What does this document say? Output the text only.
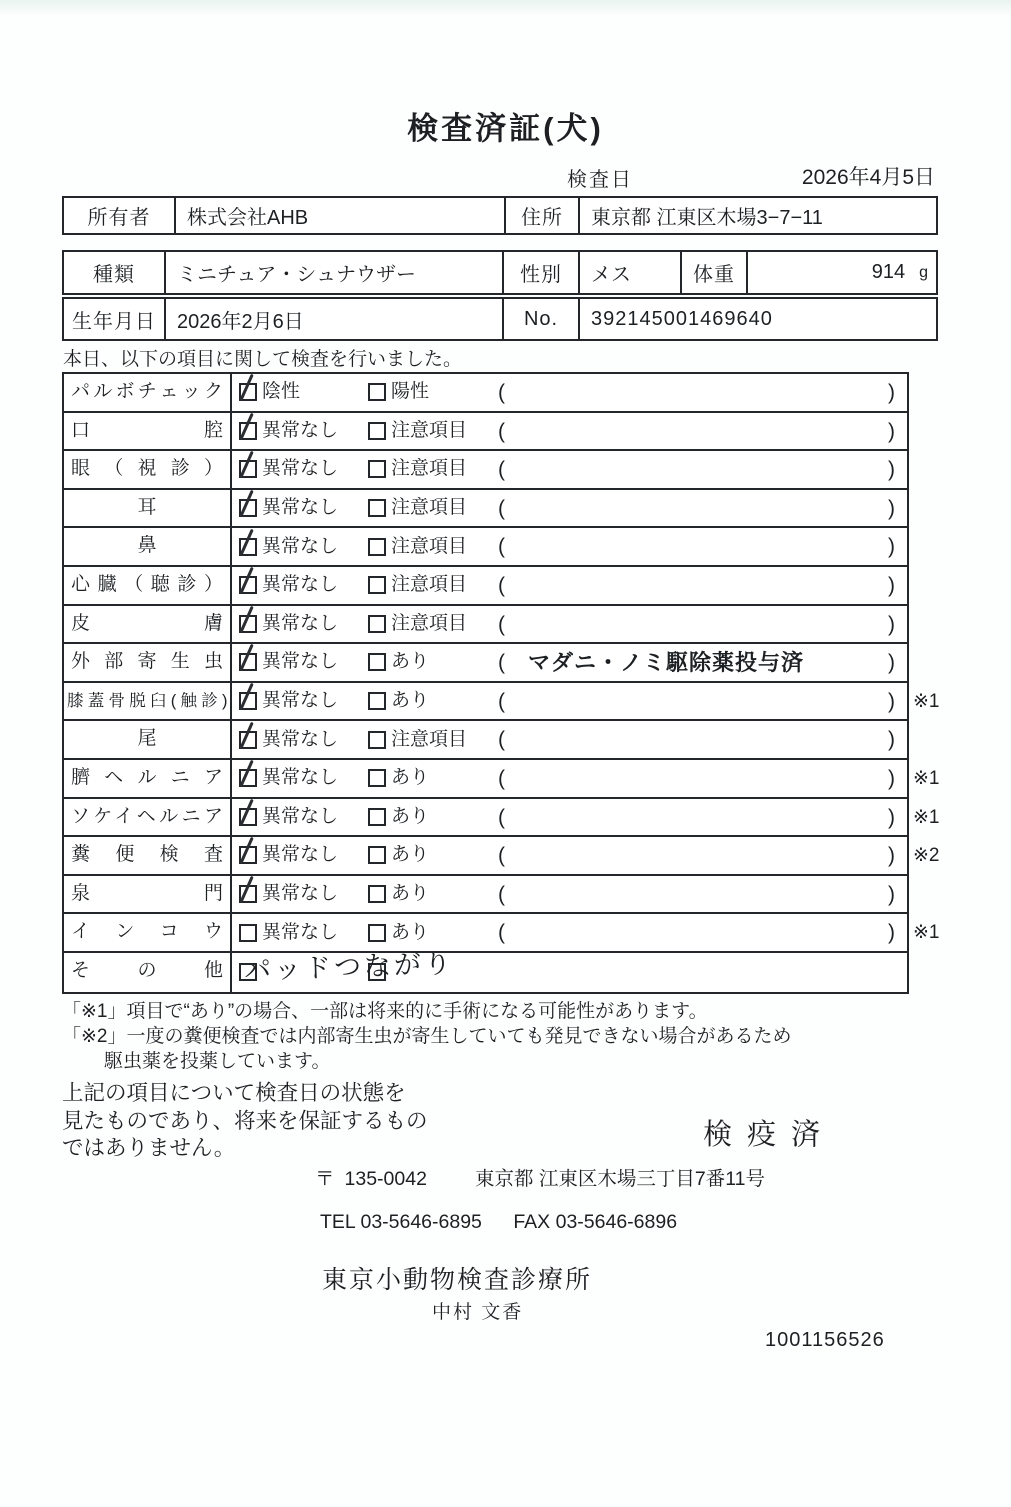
検査済証(犬)
検査日	2026年4月5日
所有者	株式会社AHB	住所	東京都 江東区木場3−7−11
種類	ミニチュア・シュナウザー	性別	メス	体重	914 g
生年月日	2026年2月6日	No.	392145001469640
本日、以下の項目に関して検査を行いました。
パルボチェック	陰性	陽性	(	)
口腔	異常なし	注意項目 (	)
眼（視診）	異常なし	注意項目 (	)
耳	異常なし	注意項目 (	)
鼻	異常なし	注意項目 (	)
心臓（聴診）	異常なし	注意項目 (	)
皮膚	異常なし	注意項目 (	)
外部寄生虫	異常なし	あり	( マダニ・ノミ駆除薬投与済	)
膝蓋骨脱臼(触診) 異常なし	あり	(	) ※1
尾	異常なし	注意項目 (	)
臍ヘルニア	異常なし	あり	(	) ※1
ソケイヘルニア	異常なし	あり	(	) ※1
糞便検査	異常なし	あり	(	) ※2
泉門	異常なし	あり	(	)
インコウ	異常なし	あり	(	) ※1
その他 パッドつながり
「※1」項目で“あり”の場合、一部は将来的に手術になる可能性があります。
「※2」一度の糞便検査では内部寄生虫が寄生していても発見できない場合があるため
駆虫薬を投薬しています。
上記の項目について検査日の状態を
見たものであり、将来を保証するもの
ではありません。	検疫済
〒 135-0042 東京都 江東区木場三丁目7番11号
TEL 03-5646-6895 FAX 03-5646-6896
東京小動物検査診療所
中村 文香
1001156526
